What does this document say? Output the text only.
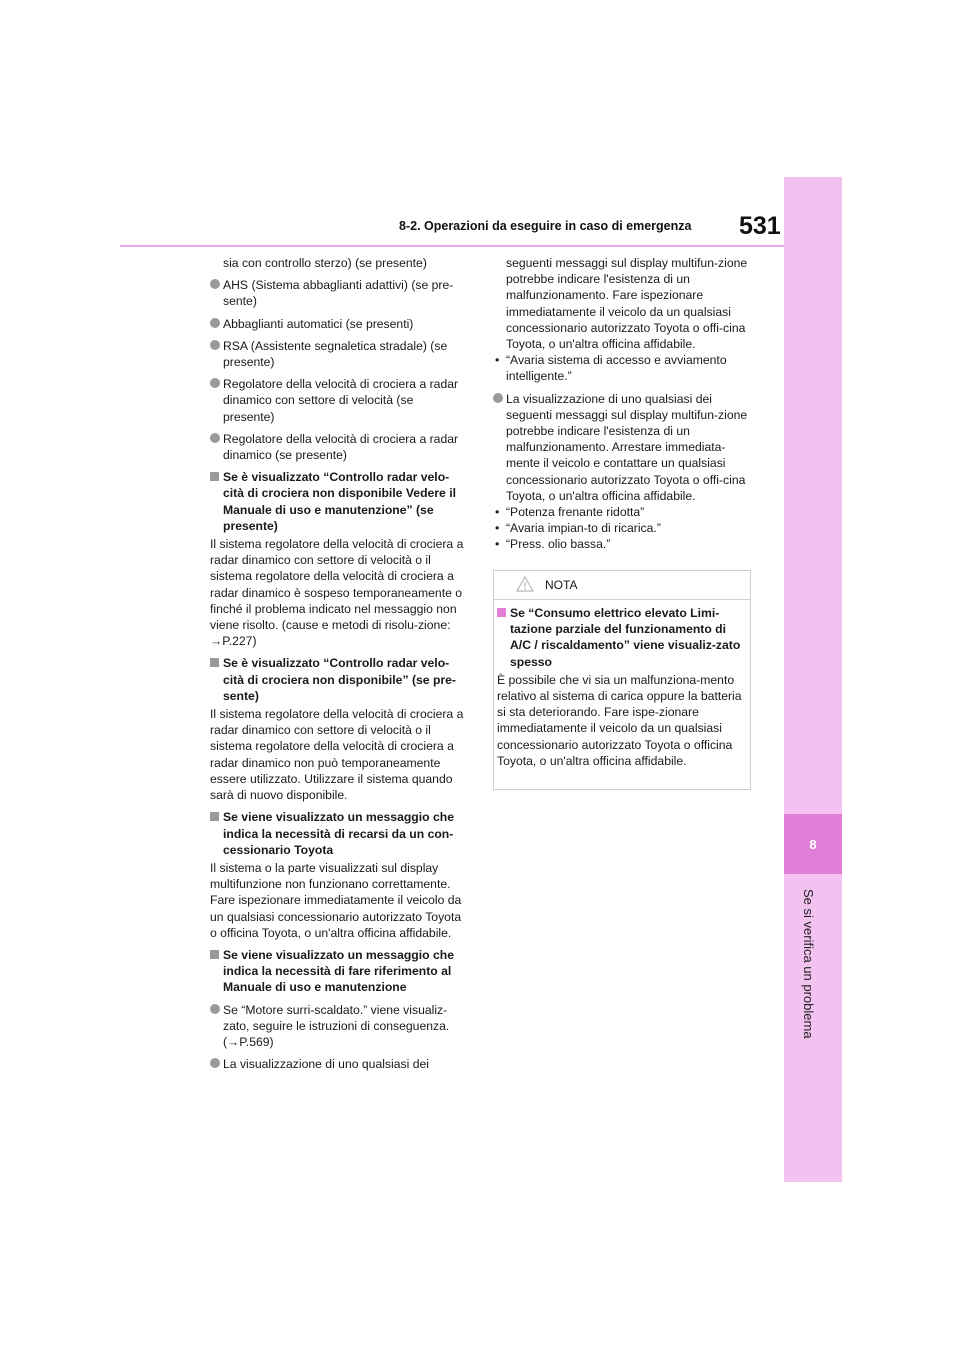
8
Se si verifica un problema
8-2. Operazioni da eseguire in caso di emergenza 531

sia con controllo sterzo) (se presente)

AHS (Sistema abbaglianti adattivi) (se pre-sente)
Abbaglianti automatici (se presenti)
RSA (Assistente segnaletica stradale) (se presente)
Regolatore della velocità di crociera a radar dinamico con settore di velocità (se presente)
Regolatore della velocità di crociera a radar dinamico (se presente)
Se è visualizzato “Controllo radar velo-cità di crociera non disponibile Vedere il Manuale di uso e manutenzione” (se presente)

Il sistema regolatore della velocità di crociera a radar dinamico con settore di velocità o il sistema regolatore della velocità di crociera a radar dinamico è sospeso temporaneamente o finché il problema indicato nel messaggio non viene risolto. (cause e metodi di risolu-zione: →P.227)

Se è visualizzato “Controllo radar velo-cità di crociera non disponibile” (se pre-sente)

Il sistema regolatore della velocità di crociera a radar dinamico con settore di velocità o il sistema regolatore della velocità di crociera a radar dinamico non può temporaneamente essere utilizzato. Utilizzare il sistema quando sarà di nuovo disponibile.

Se viene visualizzato un messaggio che indica la necessità di recarsi da un con-cessionario Toyota

Il sistema o la parte visualizzati sul display multifunzione non funzionano correttamente. Fare ispezionare immediatamente il veicolo da un qualsiasi concessionario autorizzato Toyota o officina Toyota, o un'altra officina affidabile.

Se viene visualizzato un messaggio che indica la necessità di fare riferimento al Manuale di uso e manutenzione
Se “Motore surri-scaldato.” viene visualiz-zato, seguire le istruzioni di conseguenza. (→P.569)
La visualizzazione di uno qualsiasi dei

seguenti messaggi sul display multifun-zione potrebbe indicare l'esistenza di un malfunzionamento. Fare ispezionare immediatamente il veicolo da un qualsiasi concessionario autorizzato Toyota o offi-cina Toyota, o un'altra officina affidabile.

• “Avaria sistema di accesso e avviamento intelligente.”
La visualizzazione di uno qualsiasi dei seguenti messaggi sul display multifun-zione potrebbe indicare l'esistenza di un malfunzionamento. Arrestare immediata-mente il veicolo e contattare un qualsiasi concessionario autorizzato Toyota o offi-cina Toyota, o un'altra officina affidabile.
• “Potenza frenante ridotta”
• “Avaria impian-to di ricarica.”
• “Press. olio bassa.”
NOTA
Se “Consumo elettrico elevato Limi-tazione parziale del funzionamento di A/C / riscaldamento” viene visualiz-zato spesso

È possibile che vi sia un malfunziona-mento relativo al sistema di carica oppure la batteria si sta deteriorando. Fare ispe-zionare immediatamente il veicolo da un qualsiasi concessionario autorizzato Toyota o officina Toyota, o un'altra officina affidabile.
